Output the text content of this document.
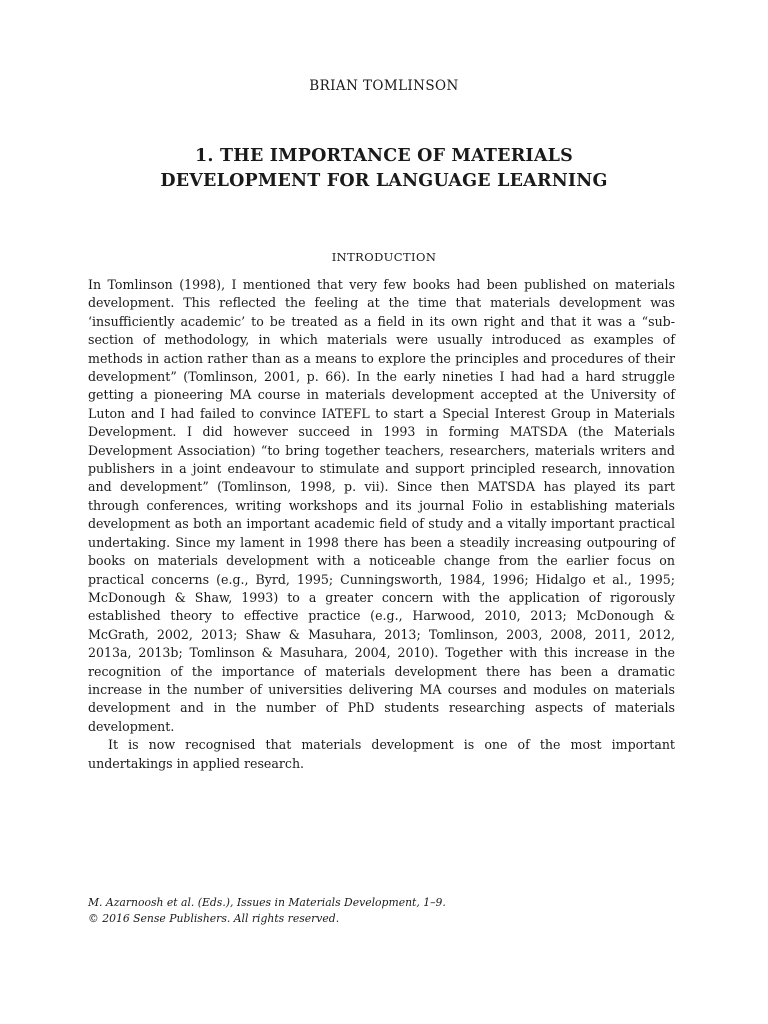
BRIAN TOMLINSON
1. THE IMPORTANCE OF MATERIALS
DEVELOPMENT FOR LANGUAGE LEARNING
INTRODUCTION

In Tomlinson (1998), I mentioned that very few books had been published on materials development. This reflected the feeling at the time that materials development was ‘insufficiently academic’ to be treated as a field in its own right and that it was a “sub-section of methodology, in which materials were usually introduced as examples of methods in action rather than as a means to explore the principles and procedures of their development” (Tomlinson, 2001, p. 66). In the early nineties I had had a hard struggle getting a pioneering MA course in materials development accepted at the University of Luton and I had failed to convince IATEFL to start a Special Interest Group in Materials Development. I did however succeed in 1993 in forming MATSDA (the Materials Development Association) “to bring together teachers, researchers, materials writers and publishers in a joint endeavour to stimulate and support principled research, innovation and development” (Tomlinson, 1998, p. vii). Since then MATSDA has played its part through conferences, writing workshops and its journal Folio in establishing materials development as both an important academic field of study and a vitally important practical undertaking. Since my lament in 1998 there has been a steadily increasing outpouring of books on materials development with a noticeable change from the earlier focus on practical concerns (e.g., Byrd, 1995; Cunningsworth, 1984, 1996; Hidalgo et al., 1995; McDonough & Shaw, 1993) to a greater concern with the application of rigorously established theory to effective practice (e.g., Harwood, 2010, 2013; McDonough & McGrath, 2002, 2013; Shaw & Masuhara, 2013; Tomlinson, 2003, 2008, 2011, 2012, 2013a, 2013b; Tomlinson & Masuhara, 2004, 2010). Together with this increase in the recognition of the importance of materials development there has been a dramatic increase in the number of universities delivering MA courses and modules on materials development and in the number of PhD students researching aspects of materials development.

It is now recognised that materials development is one of the most important undertakings in applied research.

M. Azarnoosh et al. (Eds.), Issues in Materials Development, 1–9.
© 2016 Sense Publishers. All rights reserved.
